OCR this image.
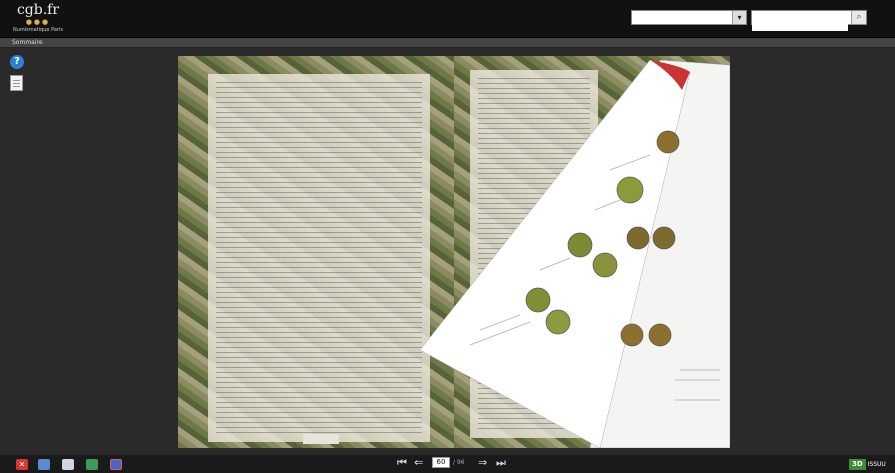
cgb.fr
●●●
Numismatique Paris
▾	⌕
Sommaire
?
✕	⏮ ⇐	60	/ 96 ⇒ ⏭	3D ISSUU
